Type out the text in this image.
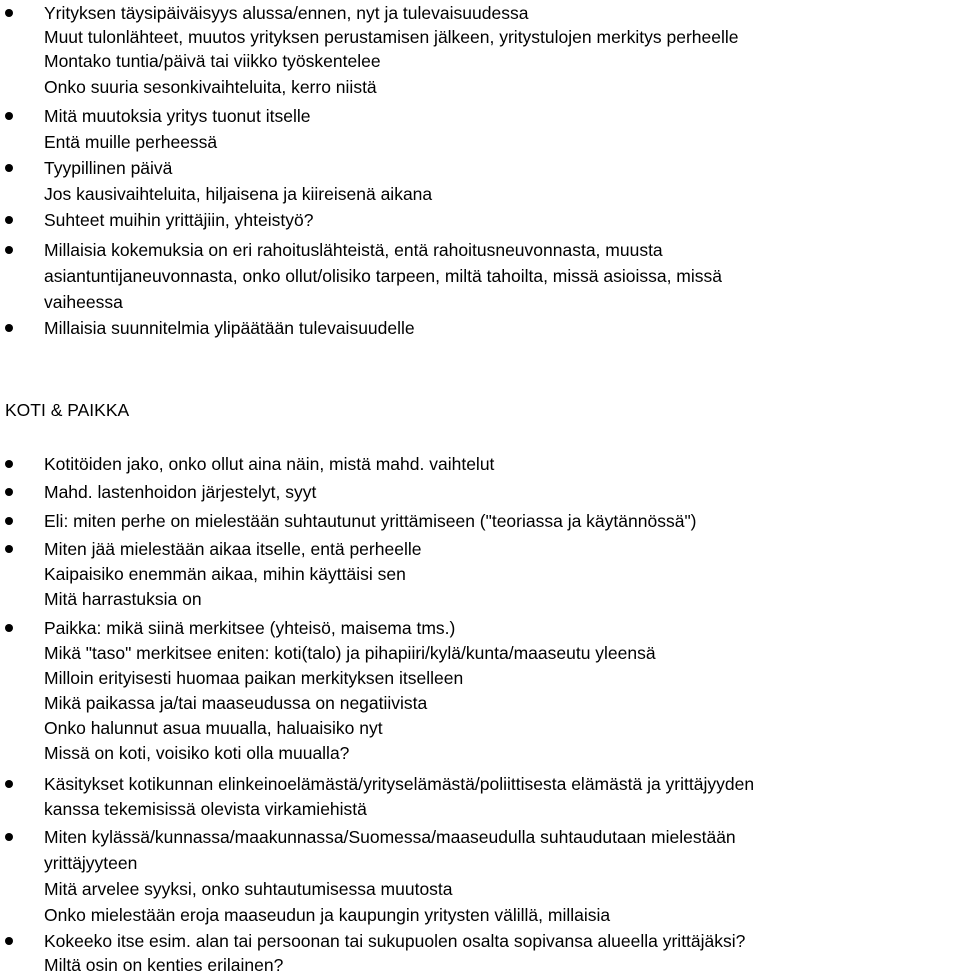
Yrityksen täysipäiväisyys alussa/ennen, nyt ja tulevaisuudessa
Muut tulonlähteet, muutos yrityksen perustamisen jälkeen, yritystulojen merkitys perheelle
Montako tuntia/päivä tai viikko työskentelee
Onko suuria sesonkivaihteluita, kerro niistä
Mitä muutoksia yritys tuonut itselle
Entä muille perheessä
Tyypillinen päivä
Jos kausivaihteluita, hiljaisena ja kiireisenä aikana
Suhteet muihin yrittäjiin, yhteistyö?
Millaisia kokemuksia on eri rahoituslähteistä, entä rahoitusneuvonnasta, muusta
asiantuntijaneuvonnasta, onko ollut/olisiko tarpeen, miltä tahoilta, missä asioissa, missä
vaiheessa
Millaisia suunnitelmia ylipäätään tulevaisuudelle
KOTI & PAIKKA
Kotitöiden jako, onko ollut aina näin, mistä mahd. vaihtelut
Mahd. lastenhoidon järjestelyt, syyt
Eli: miten perhe on mielestään suhtautunut yrittämiseen ("teoriassa ja käytännössä")
Miten jää mielestään aikaa itselle, entä perheelle
Kaipaisiko enemmän aikaa, mihin käyttäisi sen
Mitä harrastuksia on
Paikka: mikä siinä merkitsee (yhteisö, maisema tms.)
Mikä "taso" merkitsee eniten: koti(talo) ja pihapiiri/kylä/kunta/maaseutu yleensä
Milloin erityisesti huomaa paikan merkityksen itselleen
Mikä paikassa ja/tai maaseudussa on negatiivista
Onko halunnut asua muualla, haluaisiko nyt
Missä on koti, voisiko koti olla muualla?
Käsitykset kotikunnan elinkeinoelämästä/yrityselämästä/poliittisesta elämästä ja yrittäjyyden
kanssa tekemisissä olevista virkamiehistä
Miten kylässä/kunnassa/maakunnassa/Suomessa/maaseudulla suhtaudutaan mielestään
yrittäjyyteen
Mitä arvelee syyksi, onko suhtautumisessa muutosta
Onko mielestään eroja maaseudun ja kaupungin yritysten välillä, millaisia
Kokeeko itse esim. alan tai persoonan tai sukupuolen osalta sopivansa alueella yrittäjäksi?
Miltä osin on kenties erilainen?
